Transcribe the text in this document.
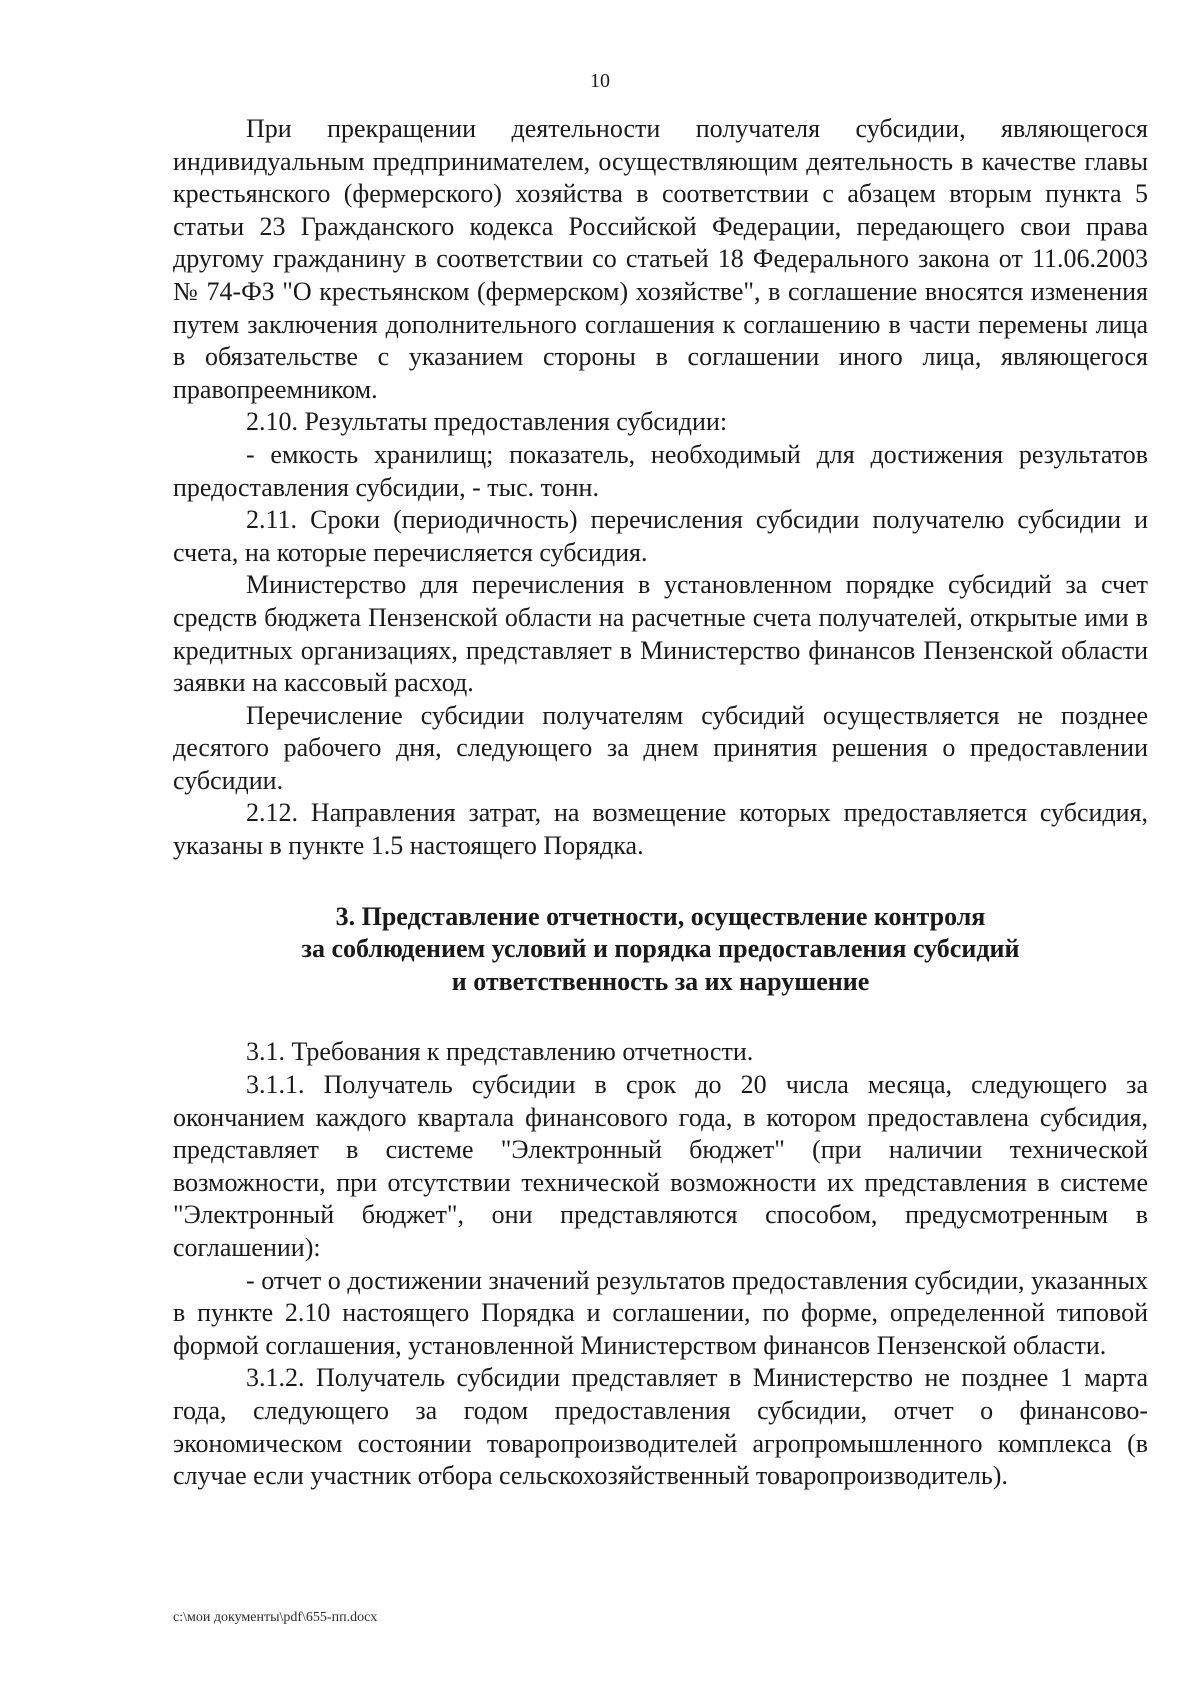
10

При прекращении деятельности получателя субсидии, являющегося индивидуальным предпринимателем, осуществляющим деятельность в качестве главы крестьянского (фермерского) хозяйства в соответствии с абзацем вторым пункта 5 статьи 23 Гражданского кодекса Российской Федерации, передающего свои права другому гражданину в соответствии со статьей 18 Федерального закона от 11.06.2003 № 74-ФЗ "О крестьянском (фермерском) хозяйстве", в соглашение вносятся изменения путем заключения дополнительного соглашения к соглашению в части перемены лица в обязательстве с указанием стороны в соглашении иного лица, являющегося правопреемником.

2.10. Результаты предоставления субсидии:

- емкость хранилищ; показатель, необходимый для достижения результатов предоставления субсидии, - тыс. тонн.

2.11. Сроки (периодичность) перечисления субсидии получателю субсидии и счета, на которые перечисляется субсидия.

Министерство для перечисления в установленном порядке субсидий за счет средств бюджета Пензенской области на расчетные счета получателей, открытые ими в кредитных организациях, представляет в Министерство финансов Пензенской области заявки на кассовый расход.

Перечисление субсидии получателям субсидий осуществляется не позднее десятого рабочего дня, следующего за днем принятия решения о предоставлении субсидии.

2.12. Направления затрат, на возмещение которых предоставляется субсидия, указаны в пункте 1.5 настоящего Порядка.

3. Представление отчетности, осуществление контроля
за соблюдением условий и порядка предоставления субсидий
и ответственность за их нарушение

3.1. Требования к представлению отчетности.

3.1.1. Получатель субсидии в срок до 20 числа месяца, следующего за окончанием каждого квартала финансового года, в котором предоставлена субсидия, представляет в системе "Электронный бюджет" (при наличии технической возможности, при отсутствии технической возможности их представления в системе "Электронный бюджет", они представляются способом, предусмотренным в соглашении):

- отчет о достижении значений результатов предоставления субсидии, указанных в пункте 2.10 настоящего Порядка и соглашении, по форме, определенной типовой формой соглашения, установленной Министерством финансов Пензенской области.

3.1.2. Получатель субсидии представляет в Министерство не позднее 1 марта года, следующего за годом предоставления субсидии, отчет о финансово-экономическом состоянии товаропроизводителей агропромышленного комплекса (в случае если участник отбора сельскохозяйственный товаропроизводитель).

c:\мои документы\pdf\655-пп.docx
